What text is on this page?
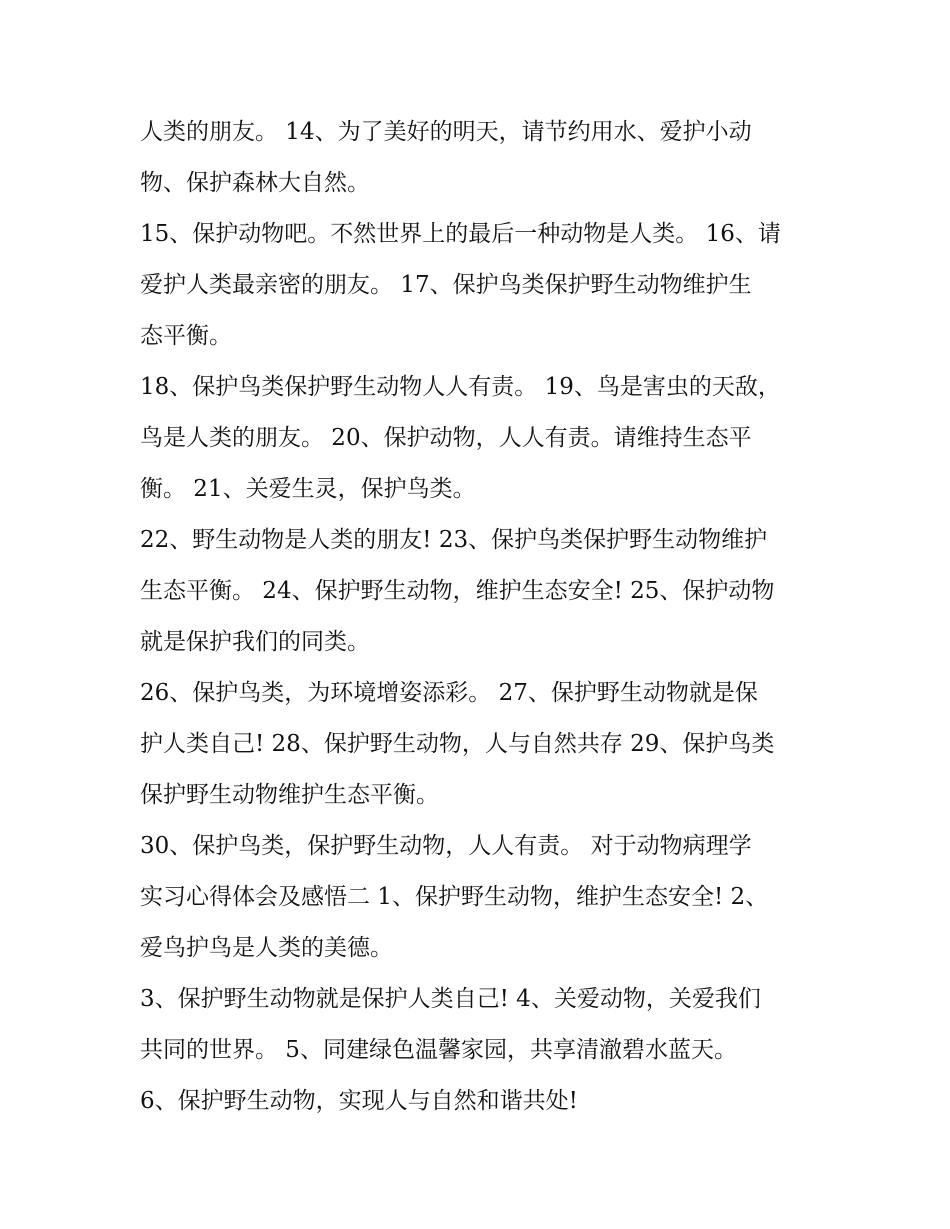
人类的朋友。 14、为了美好的明天，请节约用水、爱护小动
物、保护森林大自然。
15、保护动物吧。不然世界上的最后一种动物是人类。 16、请
爱护人类最亲密的朋友。 17、保护鸟类保护野生动物维护生
态平衡。
18、保护鸟类保护野生动物人人有责。 19、鸟是害虫的天敌，
鸟是人类的朋友。 20、保护动物，人人有责。请维持生态平
衡。 21、关爱生灵，保护鸟类。
22、野生动物是人类的朋友! 23、保护鸟类保护野生动物维护
生态平衡。 24、保护野生动物，维护生态安全! 25、保护动物
就是保护我们的同类。
26、保护鸟类，为环境增姿添彩。 27、保护野生动物就是保
护人类自己! 28、保护野生动物，人与自然共存 29、保护鸟类
保护野生动物维护生态平衡。
30、保护鸟类，保护野生动物，人人有责。 对于动物病理学
实习心得体会及感悟二 1、保护野生动物，维护生态安全! 2、
爱鸟护鸟是人类的美德。
3、保护野生动物就是保护人类自己! 4、关爱动物，关爱我们
共同的世界。 5、同建绿色温馨家园，共享清澈碧水蓝天。
6、保护野生动物，实现人与自然和谐共处!
